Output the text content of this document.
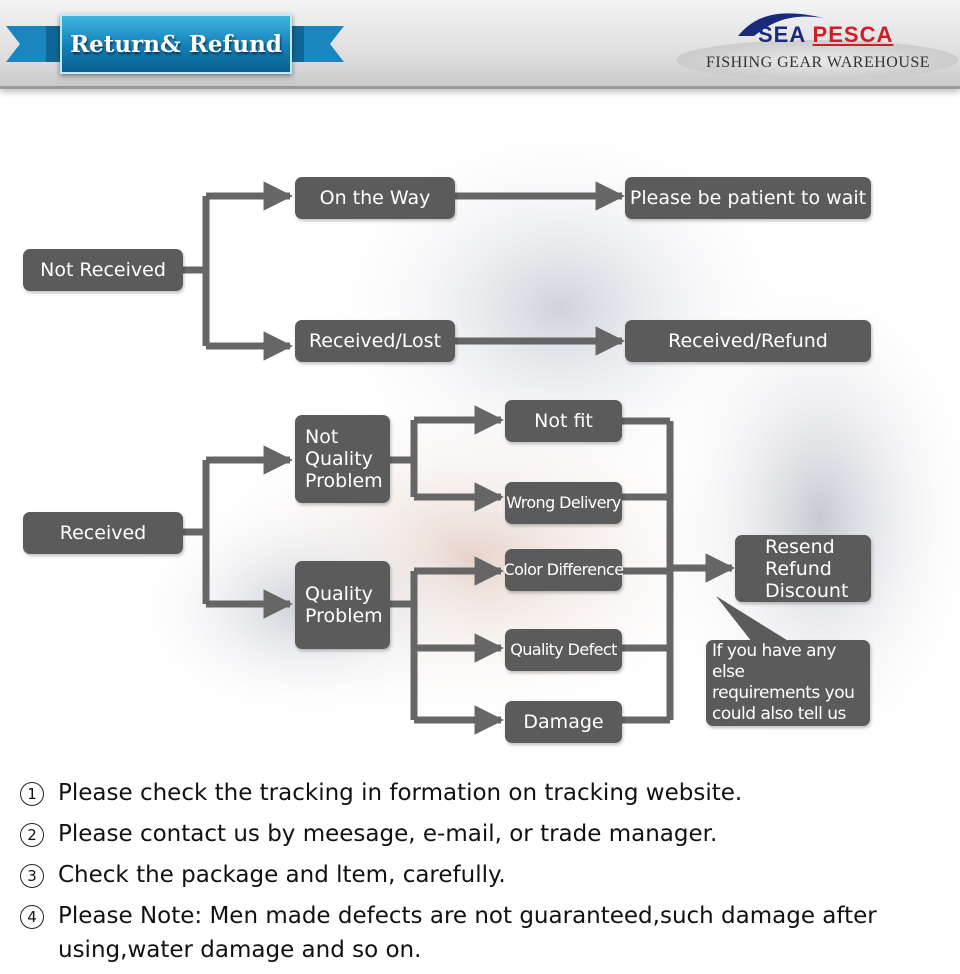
Return& Refund	SEA PESCA
FISHING GEAR WAREHOUSE
Not Received
On the Way	Please be patient to wait
Received/Lost	Received/Refund
Received
Not
Quality
Problem
Quality
Problem
Not fit
Wrong Delivery
Color Difference
Quality Defect
Damage
Resend
Refund
Discount
If you have any else
requirements you
could also tell us
1 Please check the tracking in formation on tracking website.
2 Please contact us by meesage, e-mail, or trade manager.
3 Check the package and ltem, carefully.
4 Please Note: Men made defects are not guaranteed,such damage after using,water damage and so on.
